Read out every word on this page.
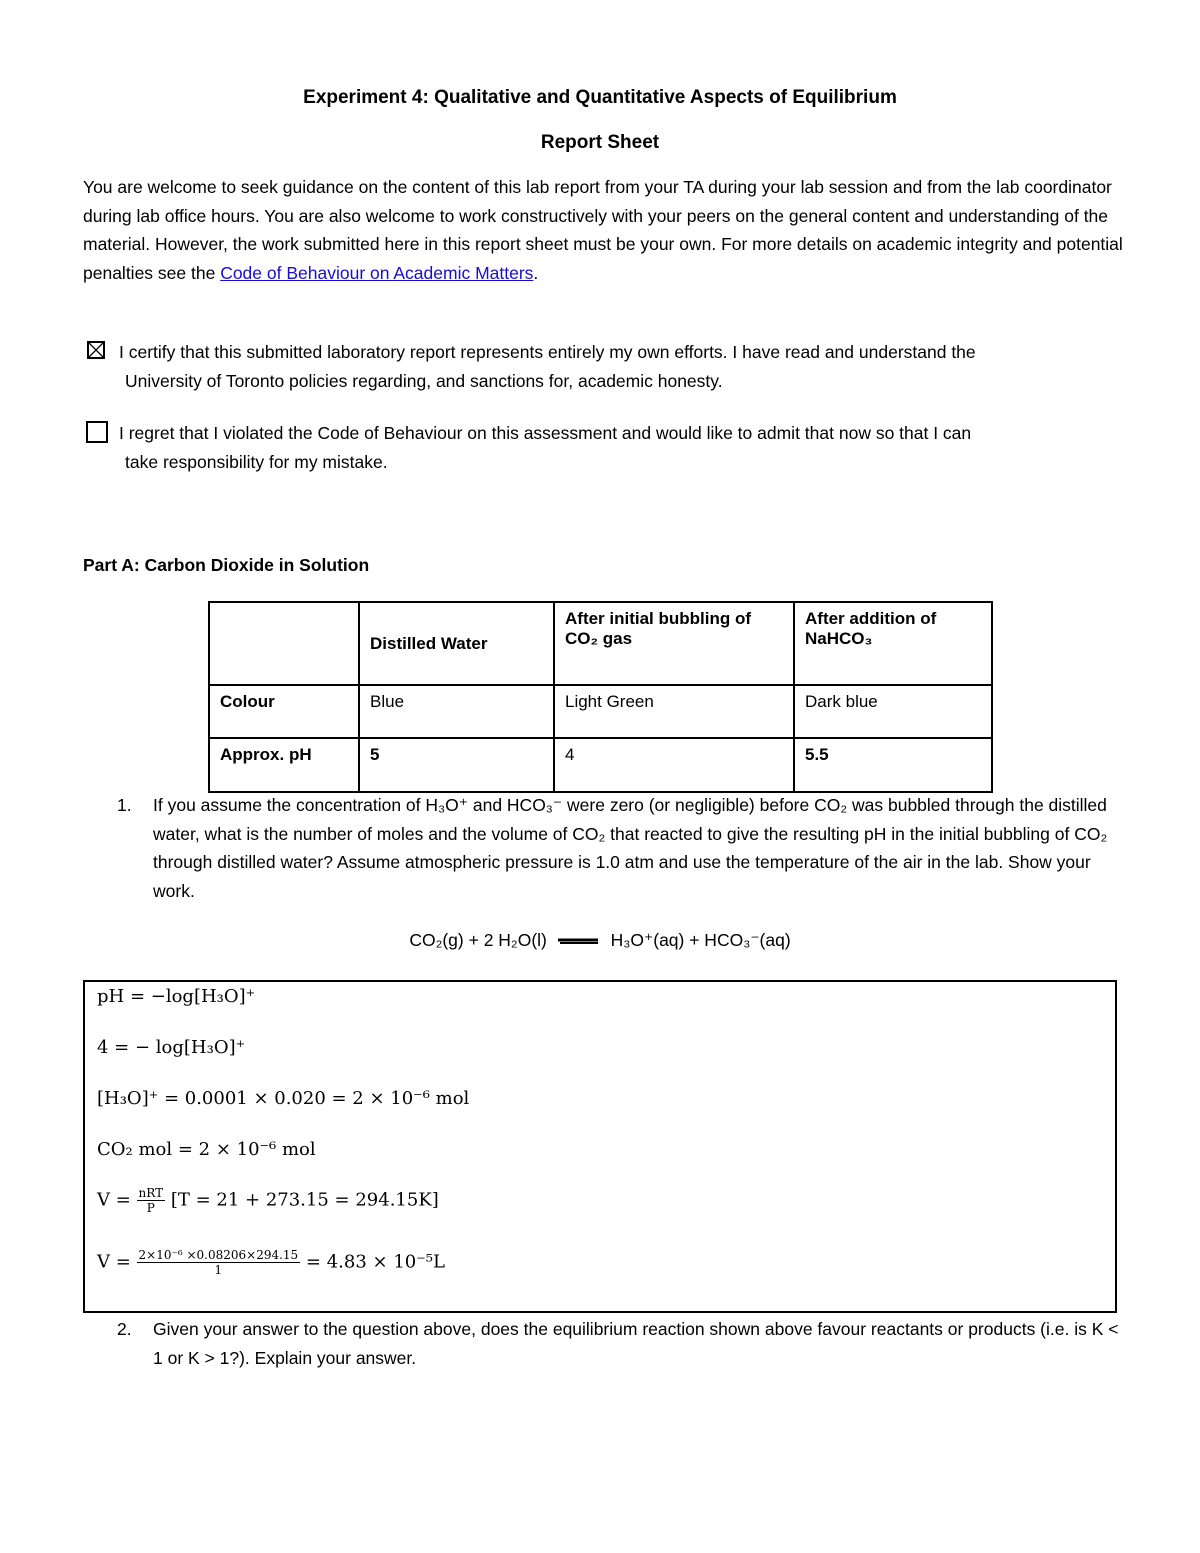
Experiment 4: Qualitative and Quantitative Aspects of Equilibrium
Report Sheet
You are welcome to seek guidance on the content of this lab report from your TA during your lab session and from the lab coordinator during lab office hours. You are also welcome to work constructively with your peers on the general content and understanding of the material. However, the work submitted here in this report sheet must be your own. For more details on academic integrity and potential penalties see the Code of Behaviour on Academic Matters.
I certify that this submitted laboratory report represents entirely my own efforts. I have read and understand the
University of Toronto policies regarding, and sanctions for, academic honesty.
I regret that I violated the Code of Behaviour on this assessment and would like to admit that now so that I can
take responsibility for my mistake.
Part A: Carbon Dioxide in Solution
	Distilled Water	After initial bubbling of CO₂ gas	After addition of NaHCO₃
Colour	Blue	Light Green	Dark blue
Approx. pH	5	4	5.5
1. If you assume the concentration of H₃O⁺ and HCO₃⁻ were zero (or negligible) before CO₂ was bubbled through the distilled water, what is the number of moles and the volume of CO₂ that reacted to give the resulting pH in the initial bubbling of CO₂ through distilled water? Assume atmospheric pressure is 1.0 atm and use the temperature of the air in the lab. Show your work.
CO₂(g) + 2 H₂O(l)	H₃O⁺(aq) + HCO₃⁻(aq)
pH = −log[H₃O]⁺
4 = − log[H₃O]⁺
[H₃O]⁺ = 0.0001 × 0.020 = 2 × 10⁻⁶ mol
CO₂ mol = 2 × 10⁻⁶ mol
$V = \frac{\text{nRT}}{P} [T = 21 + 273.15 = 294.15K]$
$V = \frac{\text{2×10⁻⁶ ×0.08206×294.15}}{1} = 4.83 \times 10^{-5}L$
2. Given your answer to the question above, does the equilibrium reaction shown above favour reactants or products (i.e. is K < 1 or K > 1?). Explain your answer.
